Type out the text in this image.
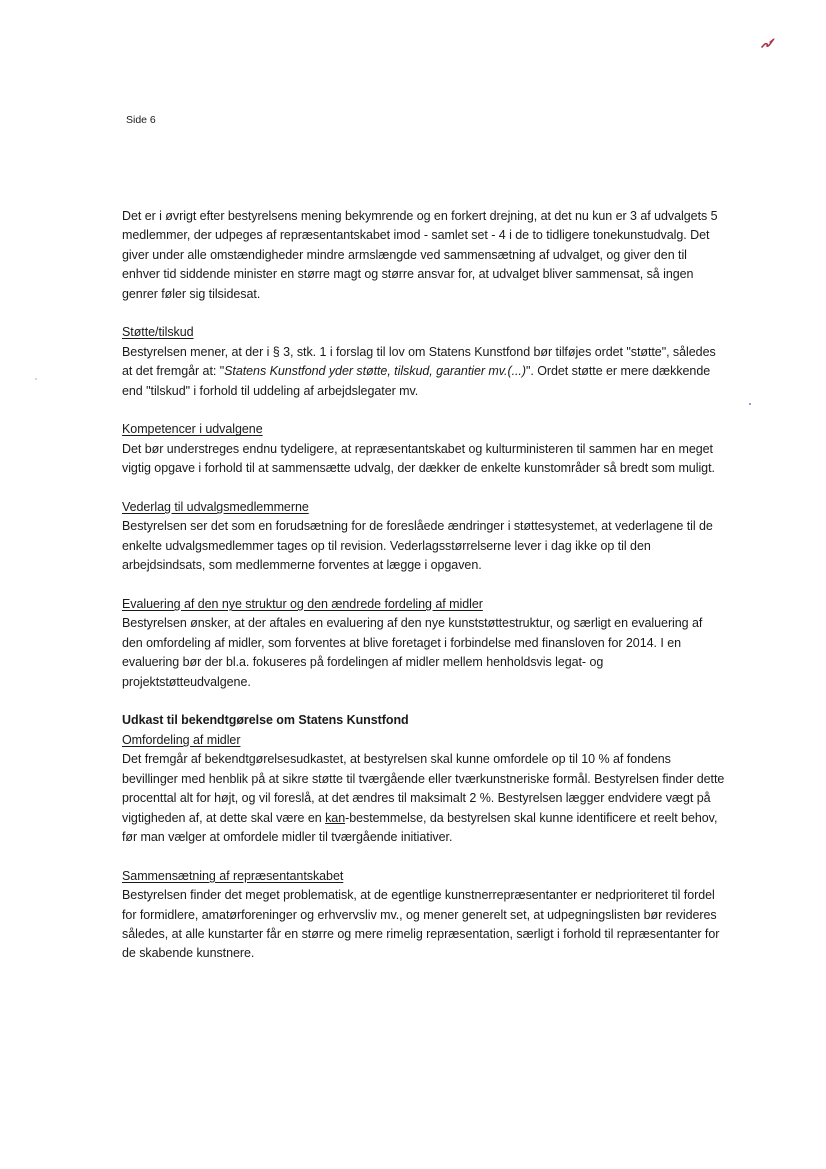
Side 6

Det er i øvrigt efter bestyrelsens mening bekymrende og en forkert drejning, at det nu kun er 3 af udvalgets 5 medlemmer, der udpeges af repræsentantskabet imod - samlet set - 4 i de to tidligere tonekunstudvalg. Det giver under alle omstændigheder mindre armslængde ved sammensætning af udvalget, og giver den til enhver tid siddende minister en større magt og større ansvar for, at udvalget bliver sammensat, så ingen genrer føler sig tilsidesat.

Støtte/tilskud

Bestyrelsen mener, at der i § 3, stk. 1 i forslag til lov om Statens Kunstfond bør tilføjes ordet "støtte", således at det fremgår at: "Statens Kunstfond yder støtte, tilskud, garantier mv.(...)". Ordet støtte er mere dækkende end "tilskud" i forhold til uddeling af arbejdslegater mv.

Kompetencer i udvalgene

Det bør understreges endnu tydeligere, at repræsentantskabet og kulturministeren til sammen har en meget vigtig opgave i forhold til at sammensætte udvalg, der dækker de enkelte kunstområder så bredt som muligt.

Vederlag til udvalgsmedlemmerne

Bestyrelsen ser det som en forudsætning for de foreslåede ændringer i støttesystemet, at vederlagene til de enkelte udvalgsmedlemmer tages op til revision. Vederlagsstørrelserne lever i dag ikke op til den arbejdsindsats, som medlemmerne forventes at lægge i opgaven.

Evaluering af den nye struktur og den ændrede fordeling af midler

Bestyrelsen ønsker, at der aftales en evaluering af den nye kunststøttestruktur, og særligt en evaluering af den omfordeling af midler, som forventes at blive foretaget i forbindelse med finansloven for 2014. I en evaluering bør der bl.a. fokuseres på fordelingen af midler mellem henholdsvis legat- og projektstøtteudvalgene.

Udkast til bekendtgørelse om Statens Kunstfond

Omfordeling af midler

Det fremgår af bekendtgørelsesudkastet, at bestyrelsen skal kunne omfordele op til 10 % af fondens bevillinger med henblik på at sikre støtte til tværgående eller tværkunstneriske formål. Bestyrelsen finder dette procenttal alt for højt, og vil foreslå, at det ændres til maksimalt 2 %. Bestyrelsen lægger endvidere vægt på vigtigheden af, at dette skal være en kan-bestemmelse, da bestyrelsen skal kunne identificere et reelt behov, før man vælger at omfordele midler til tværgående initiativer.

Sammensætning af repræsentantskabet

Bestyrelsen finder det meget problematisk, at de egentlige kunstnerrepræsentanter er nedprioriteret til fordel for formidlere, amatørforeninger og erhvervsliv mv., og mener generelt set, at udpegningslisten bør revideres således, at alle kunstarter får en større og mere rimelig repræsentation, særligt i forhold til repræsentanter for de skabende kunstnere.
